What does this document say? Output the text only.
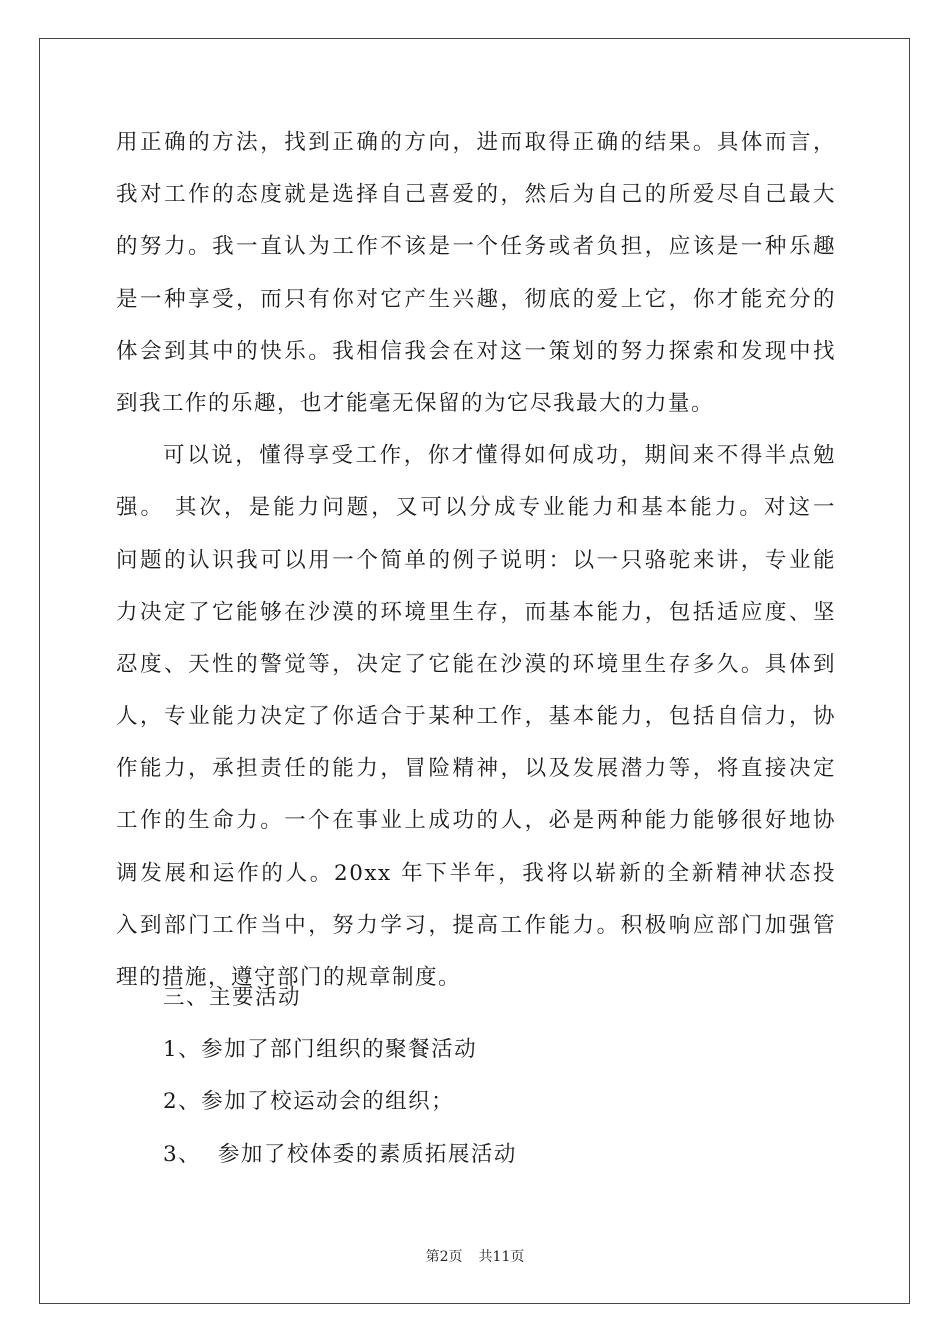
用正确的方法，找到正确的方向，进而取得正确的结果。具体而言，
我对工作的态度就是选择自己喜爱的，然后为自己的所爱尽自己最大
的努力。我一直认为工作不该是一个任务或者负担，应该是一种乐趣
是一种享受，而只有你对它产生兴趣，彻底的爱上它，你才能充分的
体会到其中的快乐。我相信我会在对这一策划的努力探索和发现中找
到我工作的乐趣，也才能毫无保留的为它尽我最大的力量。
可以说，懂得享受工作，你才懂得如何成功，期间来不得半点勉
强。 其次，是能力问题，又可以分成专业能力和基本能力。对这一
问题的认识我可以用一个简单的例子说明：以一只骆驼来讲，专业能
力决定了它能够在沙漠的环境里生存，而基本能力，包括适应度、坚
忍度、天性的警觉等，决定了它能在沙漠的环境里生存多久。具体到
人，专业能力决定了你适合于某种工作，基本能力，包括自信力，协
作能力，承担责任的能力，冒险精神，以及发展潜力等，将直接决定
工作的生命力。一个在事业上成功的人，必是两种能力能够很好地协
调发展和运作的人。20xx 年下半年，我将以崭新的全新精神状态投
入到部门工作当中，努力学习，提高工作能力。积极响应部门加强管
理的措施，遵守部门的规章制度。
三、主要活动
1、参加了部门组织的聚餐活动
2、参加了校运动会的组织；
3、  参加了校体委的素质拓展活动
第2页 共11页
